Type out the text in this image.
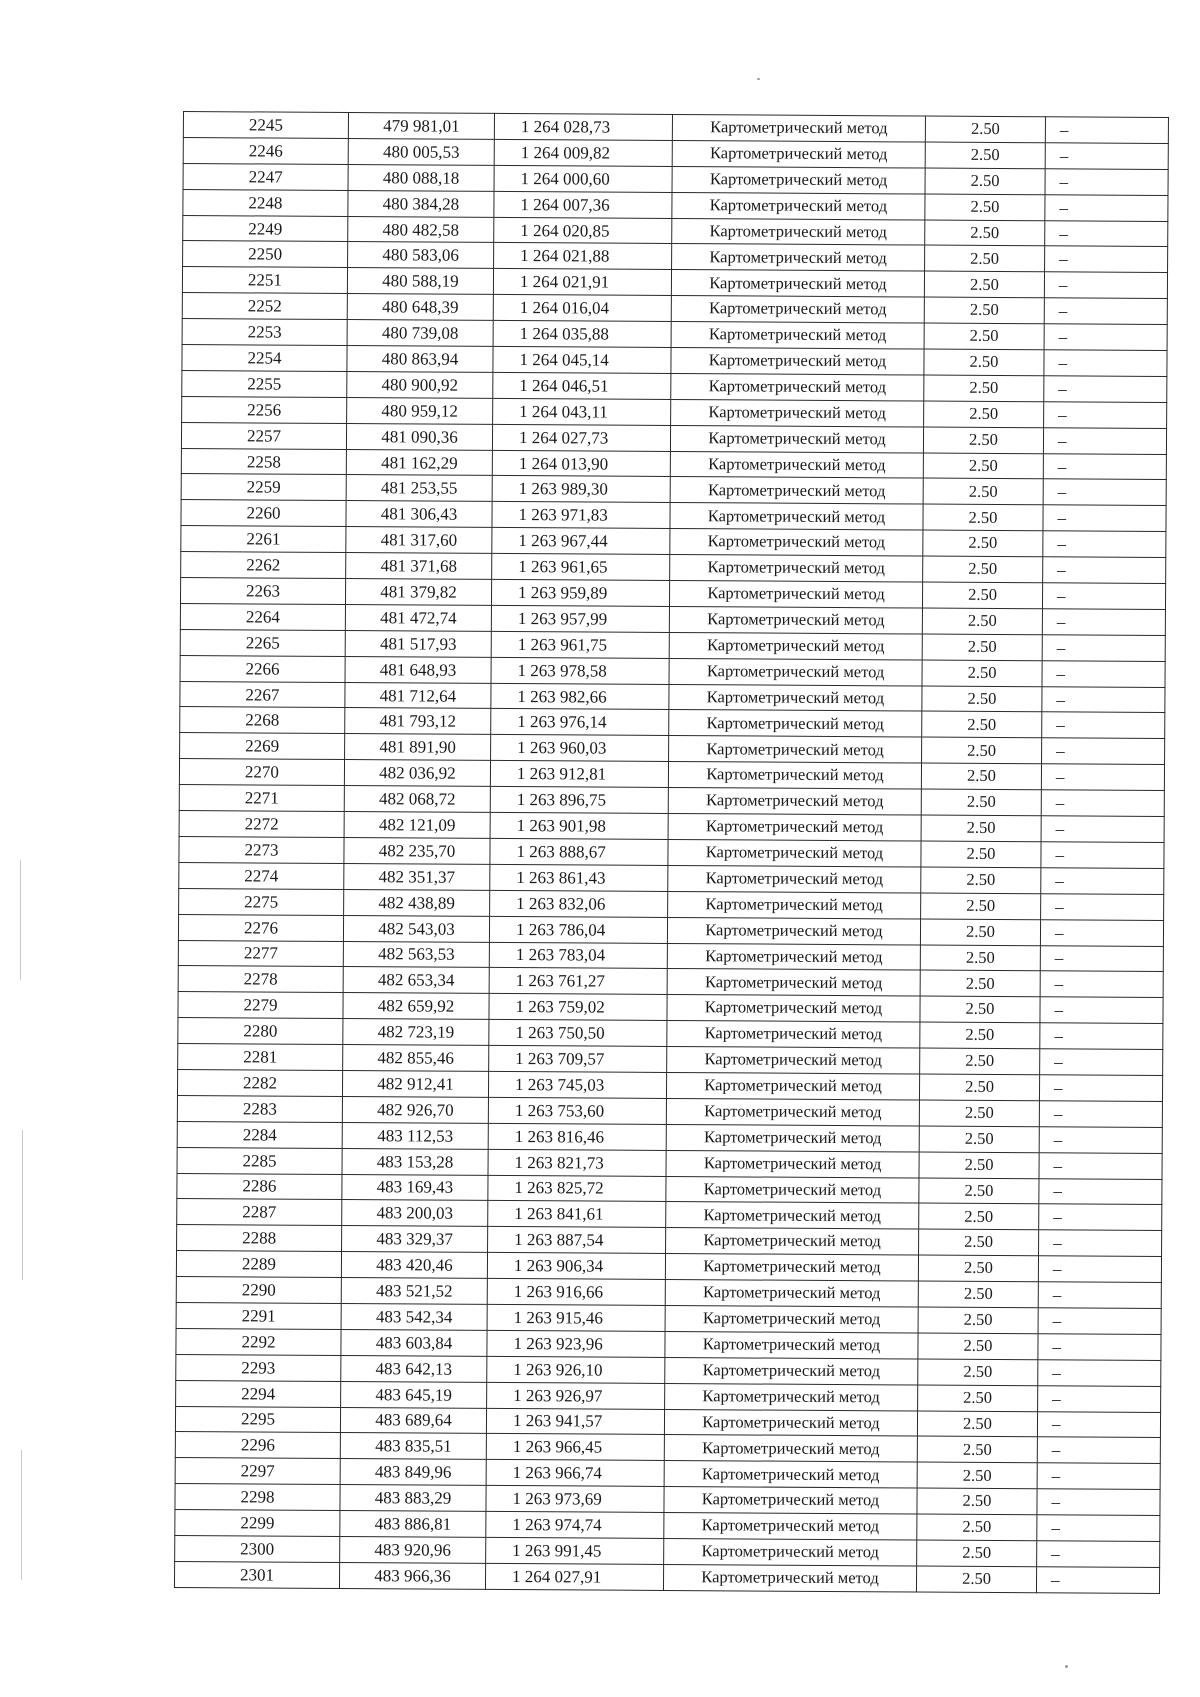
2245	479 981,01	1 264 028,73	Картометрический метод	2.50	–
2246	480 005,53	1 264 009,82	Картометрический метод	2.50	–
2247	480 088,18	1 264 000,60	Картометрический метод	2.50	–
2248	480 384,28	1 264 007,36	Картометрический метод	2.50	–
2249	480 482,58	1 264 020,85	Картометрический метод	2.50	–
2250	480 583,06	1 264 021,88	Картометрический метод	2.50	–
2251	480 588,19	1 264 021,91	Картометрический метод	2.50	–
2252	480 648,39	1 264 016,04	Картометрический метод	2.50	–
2253	480 739,08	1 264 035,88	Картометрический метод	2.50	–
2254	480 863,94	1 264 045,14	Картометрический метод	2.50	–
2255	480 900,92	1 264 046,51	Картометрический метод	2.50	–
2256	480 959,12	1 264 043,11	Картометрический метод	2.50	–
2257	481 090,36	1 264 027,73	Картометрический метод	2.50	–
2258	481 162,29	1 264 013,90	Картометрический метод	2.50	–
2259	481 253,55	1 263 989,30	Картометрический метод	2.50	–
2260	481 306,43	1 263 971,83	Картометрический метод	2.50	–
2261	481 317,60	1 263 967,44	Картометрический метод	2.50	–
2262	481 371,68	1 263 961,65	Картометрический метод	2.50	–
2263	481 379,82	1 263 959,89	Картометрический метод	2.50	–
2264	481 472,74	1 263 957,99	Картометрический метод	2.50	–
2265	481 517,93	1 263 961,75	Картометрический метод	2.50	–
2266	481 648,93	1 263 978,58	Картометрический метод	2.50	–
2267	481 712,64	1 263 982,66	Картометрический метод	2.50	–
2268	481 793,12	1 263 976,14	Картометрический метод	2.50	–
2269	481 891,90	1 263 960,03	Картометрический метод	2.50	–
2270	482 036,92	1 263 912,81	Картометрический метод	2.50	–
2271	482 068,72	1 263 896,75	Картометрический метод	2.50	–
2272	482 121,09	1 263 901,98	Картометрический метод	2.50	–
2273	482 235,70	1 263 888,67	Картометрический метод	2.50	–
2274	482 351,37	1 263 861,43	Картометрический метод	2.50	–
2275	482 438,89	1 263 832,06	Картометрический метод	2.50	–
2276	482 543,03	1 263 786,04	Картометрический метод	2.50	–
2277	482 563,53	1 263 783,04	Картометрический метод	2.50	–
2278	482 653,34	1 263 761,27	Картометрический метод	2.50	–
2279	482 659,92	1 263 759,02	Картометрический метод	2.50	–
2280	482 723,19	1 263 750,50	Картометрический метод	2.50	–
2281	482 855,46	1 263 709,57	Картометрический метод	2.50	–
2282	482 912,41	1 263 745,03	Картометрический метод	2.50	–
2283	482 926,70	1 263 753,60	Картометрический метод	2.50	–
2284	483 112,53	1 263 816,46	Картометрический метод	2.50	–
2285	483 153,28	1 263 821,73	Картометрический метод	2.50	–
2286	483 169,43	1 263 825,72	Картометрический метод	2.50	–
2287	483 200,03	1 263 841,61	Картометрический метод	2.50	–
2288	483 329,37	1 263 887,54	Картометрический метод	2.50	–
2289	483 420,46	1 263 906,34	Картометрический метод	2.50	–
2290	483 521,52	1 263 916,66	Картометрический метод	2.50	–
2291	483 542,34	1 263 915,46	Картометрический метод	2.50	–
2292	483 603,84	1 263 923,96	Картометрический метод	2.50	–
2293	483 642,13	1 263 926,10	Картометрический метод	2.50	–
2294	483 645,19	1 263 926,97	Картометрический метод	2.50	–
2295	483 689,64	1 263 941,57	Картометрический метод	2.50	–
2296	483 835,51	1 263 966,45	Картометрический метод	2.50	–
2297	483 849,96	1 263 966,74	Картометрический метод	2.50	–
2298	483 883,29	1 263 973,69	Картометрический метод	2.50	–
2299	483 886,81	1 263 974,74	Картометрический метод	2.50	–
2300	483 920,96	1 263 991,45	Картометрический метод	2.50	–
2301	483 966,36	1 264 027,91	Картометрический метод	2.50	–
